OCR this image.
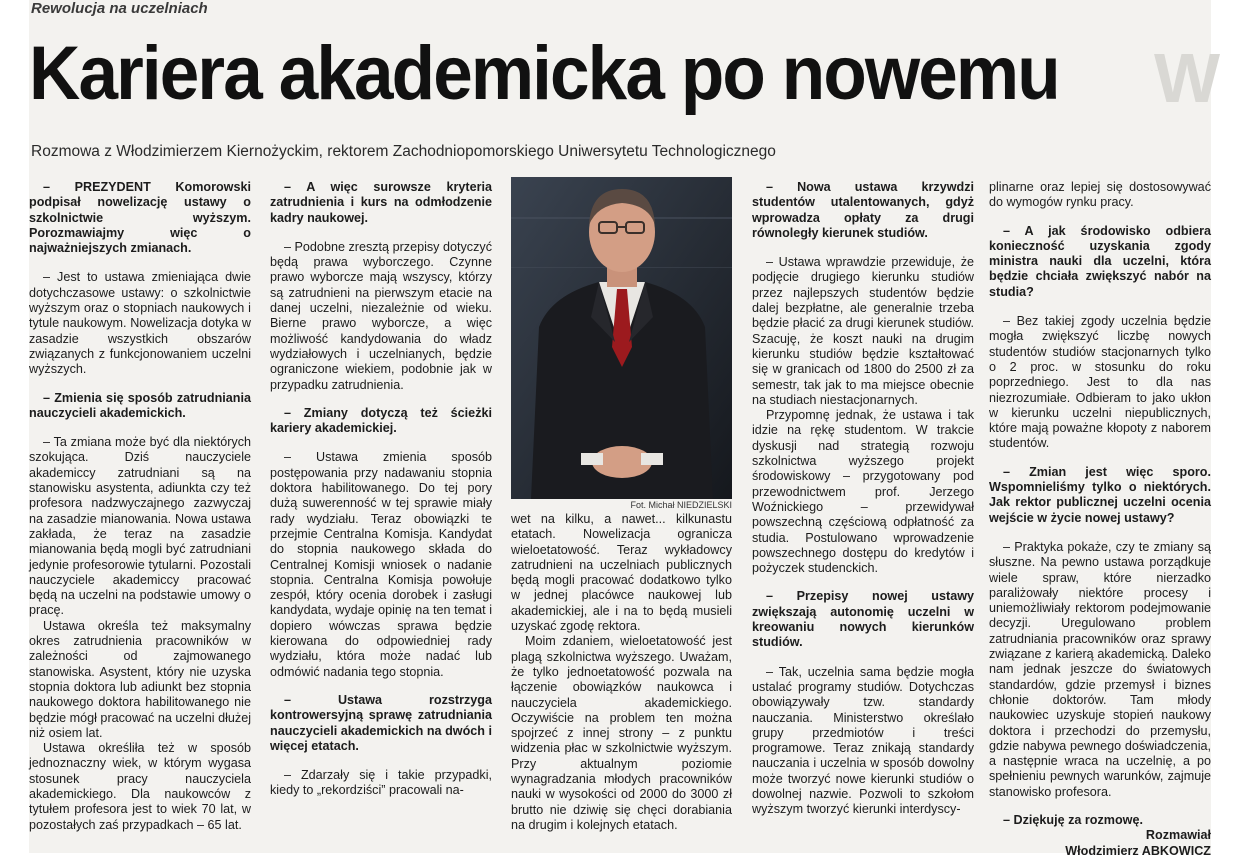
W
Rewolucja na uczelniach
Kariera akademicka po nowemu
Rozmowa z Włodzimierzem Kiernożyckim, rektorem Zachodniopomorskiego Uniwersytetu Technologicznego

– PREZYDENT Komorowski podpisał nowelizację ustawy o szkolnictwie wyższym. Porozmawiajmy więc o najważniejszych zmianach.

– Jest to ustawa zmieniająca dwie dotychczasowe ustawy: o szkolnictwie wyższym oraz o stopniach naukowych i tytule naukowym. Nowelizacja dotyka w zasadzie wszystkich obszarów związanych z funkcjonowaniem uczelni wyższych.

– Zmienia się sposób zatrudniania nauczycieli akademickich.

– Ta zmiana może być dla niektórych szokująca. Dziś nauczyciele akademiccy zatrudniani są na stanowisku asystenta, adiunkta czy też profesora nadzwyczajnego zazwyczaj na zasadzie mianowania. Nowa ustawa zakłada, że teraz na zasadzie mianowania będą mogli być zatrudniani jedynie profesorowie tytularni. Pozostali nauczyciele akademiccy pracować będą na uczelni na podstawie umowy o pracę.

Ustawa określa też maksymalny okres zatrudnienia pracowników w zależności od zajmowanego stanowiska. Asystent, który nie uzyska stopnia doktora lub adiunkt bez stopnia naukowego doktora habilitowanego nie będzie mógł pracować na uczelni dłużej niż osiem lat.

Ustawa określiła też w sposób jednoznaczny wiek, w którym wygasa stosunek pracy nauczyciela akademickiego. Dla naukowców z tytułem profesora jest to wiek 70 lat, w pozostałych zaś przypadkach – 65 lat.

– A więc surowsze kryteria zatrudnienia i kurs na odmłodzenie kadry naukowej.

– Podobne zresztą przepisy dotyczyć będą prawa wyborczego. Czynne prawo wyborcze mają wszyscy, którzy są zatrudnieni na pierwszym etacie na danej uczelni, niezależnie od wieku. Bierne prawo wyborcze, a więc możliwość kandydowania do władz wydziałowych i uczelnianych, będzie ograniczone wiekiem, podobnie jak w przypadku zatrudnienia.

– Zmiany dotyczą też ścieżki kariery akademickiej.

– Ustawa zmienia sposób postępowania przy nadawaniu stopnia doktora habilitowanego. Do tej pory dużą suwerenność w tej sprawie miały rady wydziału. Teraz obowiązki te przejmie Centralna Komisja. Kandydat do stopnia naukowego składa do Centralnej Komisji wniosek o nadanie stopnia. Centralna Komisja powołuje zespół, który ocenia dorobek i zasługi kandydata, wydaje opinię na ten temat i dopiero wówczas sprawa będzie kierowana do odpowiedniej rady wydziału, która może nadać lub odmówić nadania tego stopnia.

– Ustawa rozstrzyga kontrowersyjną sprawę zatrudniania nauczycieli akademickich na dwóch i więcej etatach.

– Zdarzały się i takie przypadki, kiedy to „rekordziści” pracowali na-

Fot. Michał NIEDZIELSKI

wet na kilku, a nawet... kilkunastu etatach. Nowelizacja ogranicza wieloetatowość. Teraz wykładowcy zatrudnieni na uczelniach publicznych będą mogli pracować dodatkowo tylko w jednej placówce naukowej lub akademickiej, ale i na to będą musieli uzyskać zgodę rektora.

Moim zdaniem, wieloetatowość jest plagą szkolnictwa wyższego. Uważam, że tylko jednoetatowość pozwala na łączenie obowiązków naukowca i nauczyciela akademickiego. Oczywiście na problem ten można spojrzeć z innej strony – z punktu widzenia płac w szkolnictwie wyższym. Przy aktualnym poziomie wynagradzania młodych pracowników nauki w wysokości od 2000 do 3000 zł brutto nie dziwię się chęci dorabiania na drugim i kolejnych etatach.

– Nowa ustawa krzywdzi studentów utalentowanych, gdyż wprowadza opłaty za drugi równoległy kierunek studiów.

– Ustawa wprawdzie przewiduje, że podjęcie drugiego kierunku studiów przez najlepszych studentów będzie dalej bezpłatne, ale generalnie trzeba będzie płacić za drugi kierunek studiów. Szacuję, że koszt nauki na drugim kierunku studiów będzie kształtować się w granicach od 1800 do 2500 zł za semestr, tak jak to ma miejsce obecnie na studiach niestacjonarnych.

Przypomnę jednak, że ustawa i tak idzie na rękę studentom. W trakcie dyskusji nad strategią rozwoju szkolnictwa wyższego projekt środowiskowy – przygotowany pod przewodnictwem prof. Jerzego Woźnickiego – przewidywał powszechną częściową odpłatność za studia. Postulowano wprowadzenie powszechnego dostępu do kredytów i pożyczek studenckich.

– Przepisy nowej ustawy zwiększają autonomię uczelni w kreowaniu nowych kierunków studiów.

– Tak, uczelnia sama będzie mogła ustalać programy studiów. Dotychczas obowiązywały tzw. standardy nauczania. Ministerstwo określało grupy przedmiotów i treści programowe. Teraz znikają standardy nauczania i uczelnia w sposób dowolny może tworzyć nowe kierunki studiów o dowolnej nazwie. Pozwoli to szkołom wyższym tworzyć kierunki interdyscy-

plinarne oraz lepiej się dostosowywać do wymogów rynku pracy.

– A jak środowisko odbiera konieczność uzyskania zgody ministra nauki dla uczelni, która będzie chciała zwiększyć nabór na studia?

– Bez takiej zgody uczelnia będzie mogła zwiększyć liczbę nowych studentów studiów stacjonarnych tylko o 2 proc. w stosunku do roku poprzedniego. Jest to dla nas niezrozumiałe. Odbieram to jako ukłon w kierunku uczelni niepublicznych, które mają poważne kłopoty z naborem studentów.

– Zmian jest więc sporo. Wspomnieliśmy tylko o niektórych. Jak rektor publicznej uczelni ocenia wejście w życie nowej ustawy?

– Praktyka pokaże, czy te zmiany są słuszne. Na pewno ustawa porządkuje wiele spraw, które nierzadko paraliżowały niektóre procesy i uniemożliwiały rektorom podejmowanie decyzji. Uregulowano problem zatrudniania pracowników oraz sprawy związane z karierą akademicką. Daleko nam jednak jeszcze do światowych standardów, gdzie przemysł i biznes chłonie doktorów. Tam młody naukowiec uzyskuje stopień naukowy doktora i przechodzi do przemysłu, gdzie nabywa pewnego doświadczenia, a następnie wraca na uczelnię, a po spełnieniu pewnych warunków, zajmuje stanowisko profesora.

– Dziękuję za rozmowę.

Rozmawiał

Włodzimierz ABKOWICZ
